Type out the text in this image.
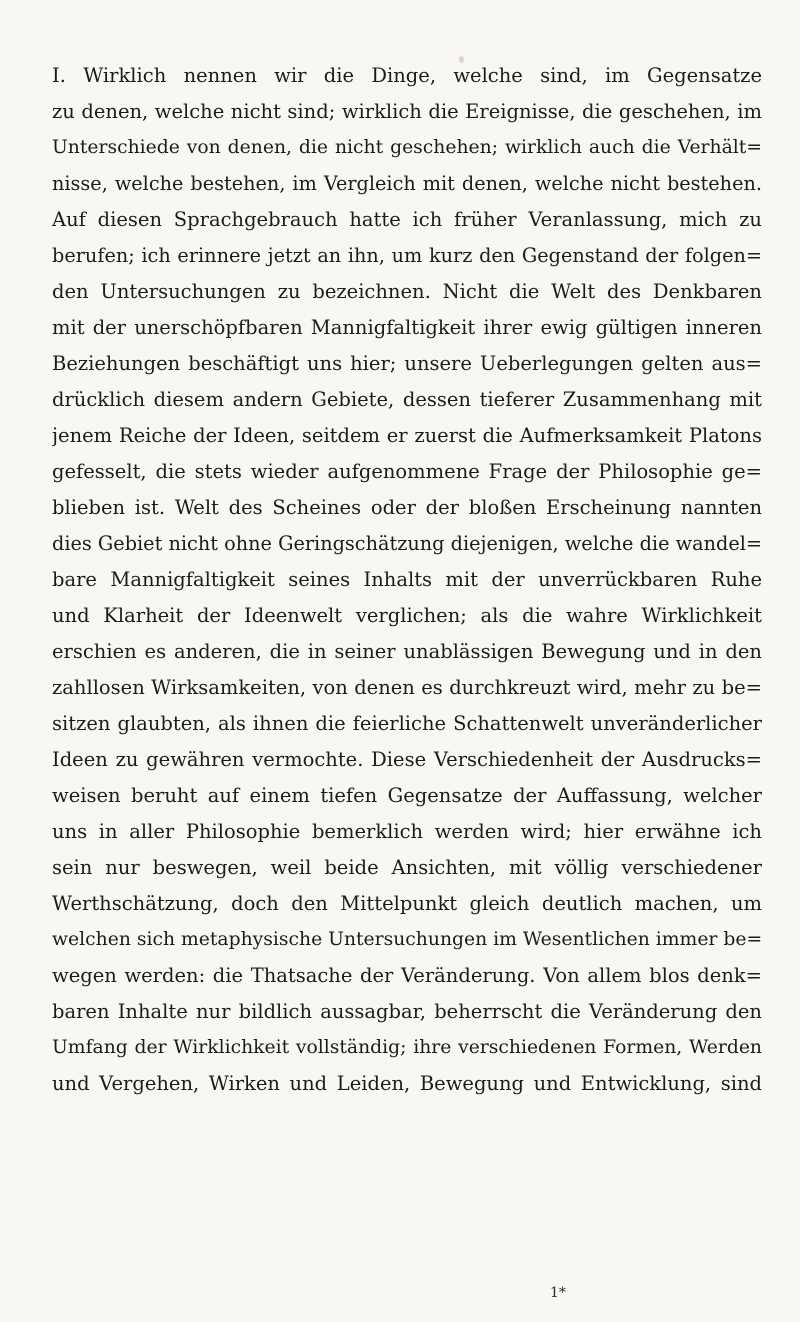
I. Wirklich nennen wir die Dinge, welche sind, im Gegensatze
zu denen, welche nicht sind; wirklich die Ereignisse, die geschehen, im
Unterschiede von denen, die nicht geschehen; wirklich auch die Verhält=
nisse, welche bestehen, im Vergleich mit denen, welche nicht bestehen.
Auf diesen Sprachgebrauch hatte ich früher Veranlassung, mich zu
berufen; ich erinnere jetzt an ihn, um kurz den Gegenstand der folgen=
den Untersuchungen zu bezeichnen. Nicht die Welt des Denkbaren
mit der unerschöpfbaren Mannigfaltigkeit ihrer ewig gültigen inneren
Beziehungen beschäftigt uns hier; unsere Ueberlegungen gelten aus=
drücklich diesem andern Gebiete, dessen tieferer Zusammenhang mit
jenem Reiche der Ideen, seitdem er zuerst die Aufmerksamkeit Platons
gefesselt, die stets wieder aufgenommene Frage der Philosophie ge=
blieben ist. Welt des Scheines oder der bloßen Erscheinung nannten
dies Gebiet nicht ohne Geringschätzung diejenigen, welche die wandel=
bare Mannigfaltigkeit seines Inhalts mit der unverrückbaren Ruhe
und Klarheit der Ideenwelt verglichen; als die wahre Wirklichkeit
erschien es anderen, die in seiner unablässigen Bewegung und in den
zahllosen Wirksamkeiten, von denen es durchkreuzt wird, mehr zu be=
sitzen glaubten, als ihnen die feierliche Schattenwelt unveränderlicher
Ideen zu gewähren vermochte. Diese Verschiedenheit der Ausdrucks=
weisen beruht auf einem tiefen Gegensatze der Auffassung, welcher
uns in aller Philosophie bemerklich werden wird; hier erwähne ich
sein nur beswegen, weil beide Ansichten, mit völlig verschiedener
Werthschätzung, doch den Mittelpunkt gleich deutlich machen, um
welchen sich metaphysische Untersuchungen im Wesentlichen immer be=
wegen werden: die Thatsache der Veränderung. Von allem blos denk=
baren Inhalte nur bildlich aussagbar, beherrscht die Veränderung den
Umfang der Wirklichkeit vollständig; ihre verschiedenen Formen, Werden
und Vergehen, Wirken und Leiden, Bewegung und Entwicklung, sind
1*
